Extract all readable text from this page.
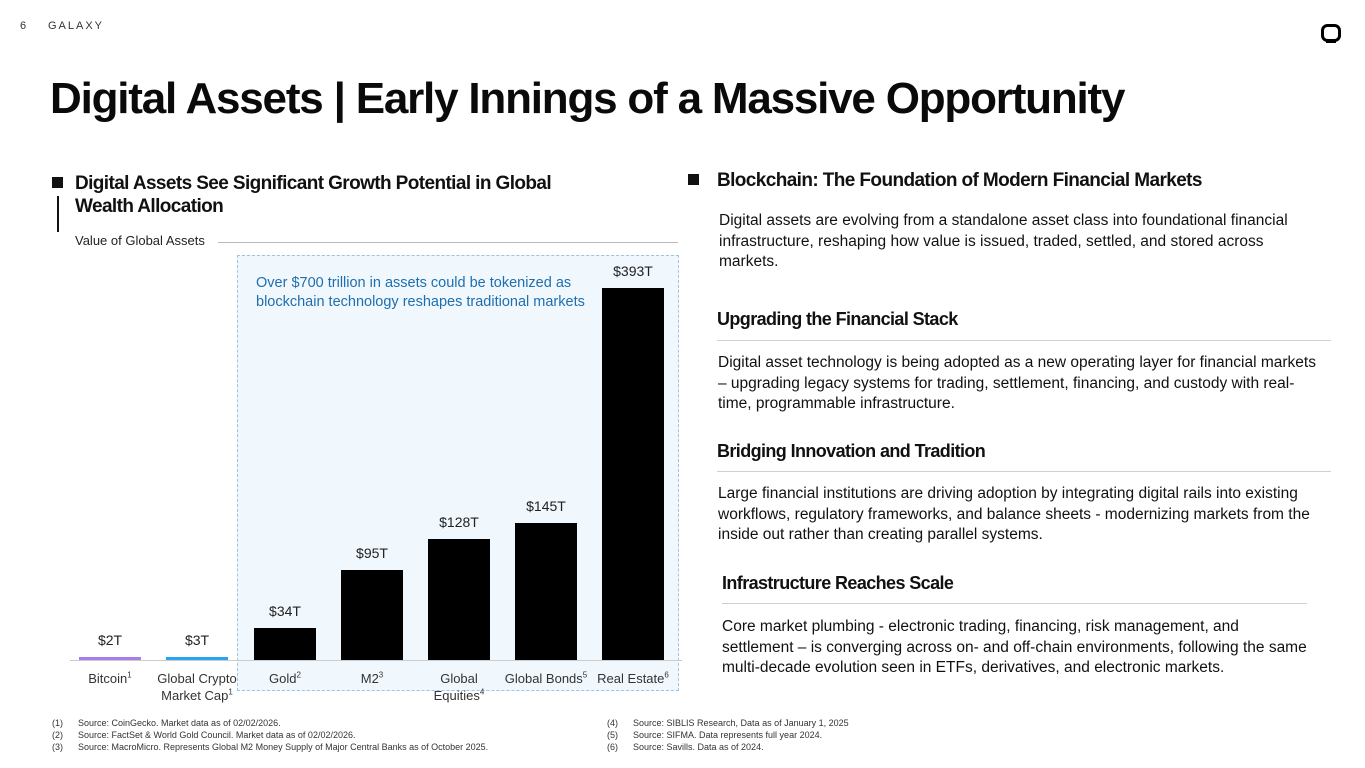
6 GALAXY
Digital Assets | Early Innings of a Massive Opportunity
Digital Assets See Significant Growth Potential in Global Wealth Allocation
Value of Global Assets
Over $700 trillion in assets could be tokenized as blockchain technology reshapes traditional markets
$2T
Bitcoin$^1$
$3T
Global Crypto
Market Cap$^1$
$34T
Gold$^2$
$95T
$M2^3$
$128T
Global
Equities$^4$
$145T
Global Bonds$^5$
$393T
Real Estate$^6$
Blockchain: The Foundation of Modern Financial Markets
Digital assets are evolving from a standalone asset class into foundational financial infrastructure, reshaping how value is issued, traded, settled, and stored across markets.
Upgrading the Financial Stack
Digital asset technology is being adopted as a new operating layer for financial markets – upgrading legacy systems for trading, settlement, financing, and custody with real-time, programmable infrastructure.
Bridging Innovation and Tradition
Large financial institutions are driving adoption by integrating digital rails into existing workflows, regulatory frameworks, and balance sheets - modernizing markets from the inside out rather than creating parallel systems.
Infrastructure Reaches Scale
Core market plumbing - electronic trading, financing, risk management, and settlement – is converging across on- and off-chain environments, following the same multi-decade evolution seen in ETFs, derivatives, and electronic markets.
(1) Source: CoinGecko. Market data as of 02/02/2026.
(2) Source: FactSet & World Gold Council. Market data as of 02/02/2026.
(3) Source: MacroMicro. Represents Global M2 Money Supply of Major Central Banks as of October 2025.
(4) Source: SIBLIS Research, Data as of January 1, 2025
(5) Source: SIFMA. Data represents full year 2024.
(6) Source: Savills. Data as of 2024.
